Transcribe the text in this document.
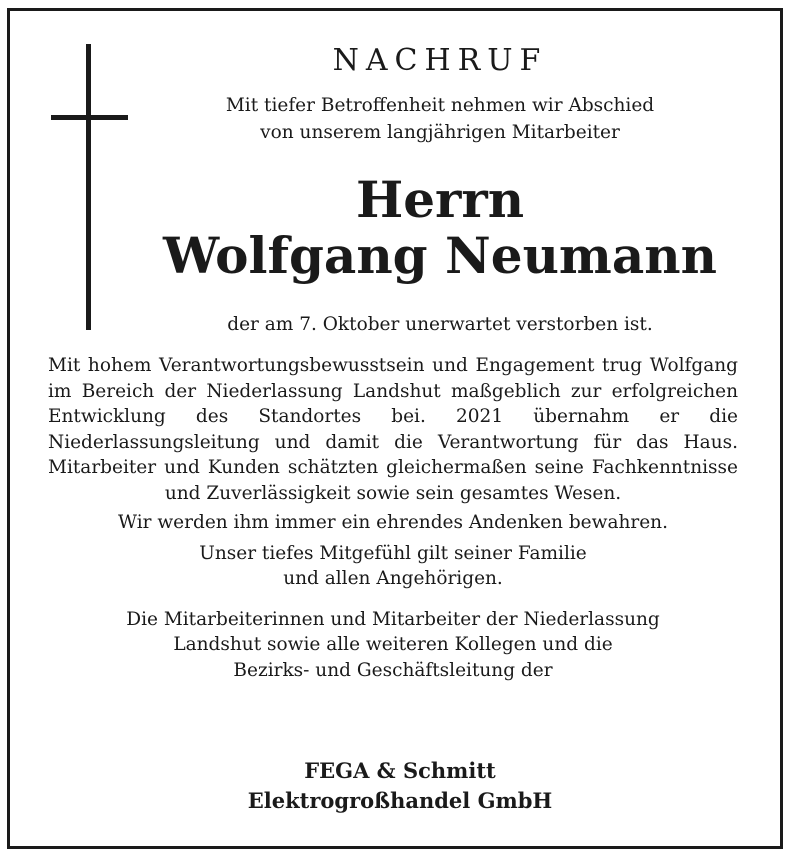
NACHRUF
Mit tiefer Betroffenheit nehmen wir Abschied
von unserem langjährigen Mitarbeiter
Herrn
Wolfgang Neumann
der am 7. Oktober unerwartet verstorben ist.

Mit hohem Verantwortungsbewusstsein und Engagement trug Wolfgang im Bereich der Niederlassung Landshut maßgeblich zur erfolgreichen Entwicklung des Standortes bei. 2021 übernahm er die Niederlassungsleitung und damit die Verantwortung für das Haus. Mitarbeiter und Kunden schätzten gleichermaßen seine Fachkenntnisse und Zuverlässigkeit sowie sein gesamtes Wesen.

Wir werden ihm immer ein ehrendes Andenken bewahren.

Unser tiefes Mitgefühl gilt seiner Familie
und allen Angehörigen.

Die Mitarbeiterinnen und Mitarbeiter der Niederlassung
Landshut sowie alle weiteren Kollegen und die
Bezirks- und Geschäftsleitung der

FEGA & Schmitt
Elektrogroßhandel GmbH
